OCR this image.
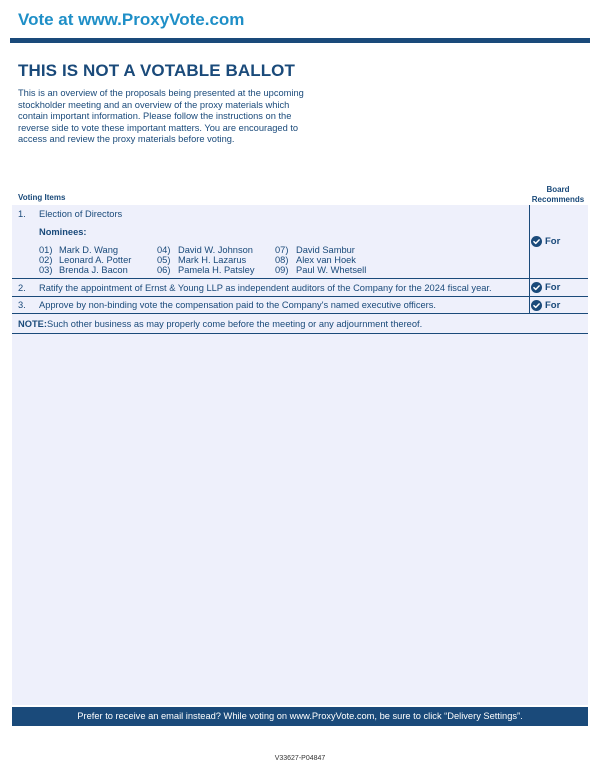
Vote at www.ProxyVote.com
THIS IS NOT A VOTABLE BALLOT
This is an overview of the proposals being presented at the upcoming stockholder meeting and an overview of the proxy materials which contain important information. Please follow the instructions on the reverse side to vote these important matters. You are encouraged to access and review the proxy materials before voting.
Voting Items
Board Recommends
1. Election of Directors
Nominees:
01) Mark D. Wang
02) Leonard A. Potter
03) Brenda J. Bacon
04) David W. Johnson
05) Mark H. Lazarus
06) Pamela H. Patsley
07) David Sambur
08) Alex van Hoek
09) Paul W. Whetsell
For
2. Ratify the appointment of Ernst & Young LLP as independent auditors of the Company for the 2024 fiscal year.	For
3. Approve by non-binding vote the compensation paid to the Company's named executive officers.	For
NOTE: Such other business as may properly come before the meeting or any adjournment thereof.
Prefer to receive an email instead? While voting on www.ProxyVote.com, be sure to click “Delivery Settings”.
V33627-P04847
